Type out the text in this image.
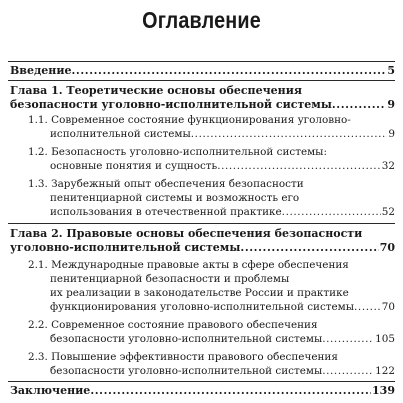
Оглавление
Введение .....	5
Глава 1. Теоретические основы обеспечения
безопасности уголовно-исполнительной системы .....	9
1.1. Современное состояние функционирования уголовно-
исполнительной системы .....	9
1.2. Безопасность уголовно-исполнительной системы:
основные понятия и сущность .....	32
1.3. Зарубежный опыт обеспечения безопасности
пенитенциарной системы и возможность его
использования в отечественной практике .....	52
Глава 2. Правовые основы обеспечения безопасности
уголовно-исполнительной системы .....	70
2.1. Международные правовые акты в сфере обеспечения
пенитенциарной безопасности и проблемы
их реализации в законодательстве России и практике
функционирования уголовно-исполнительной системы .....	70
2.2. Современное состояние правового обеспечения
безопасности уголовно-исполнительной системы .....	105
2.3. Повышение эффективности правового обеспечения
безопасности уголовно-исполнительной системы .....	122
Заключение .....	139
